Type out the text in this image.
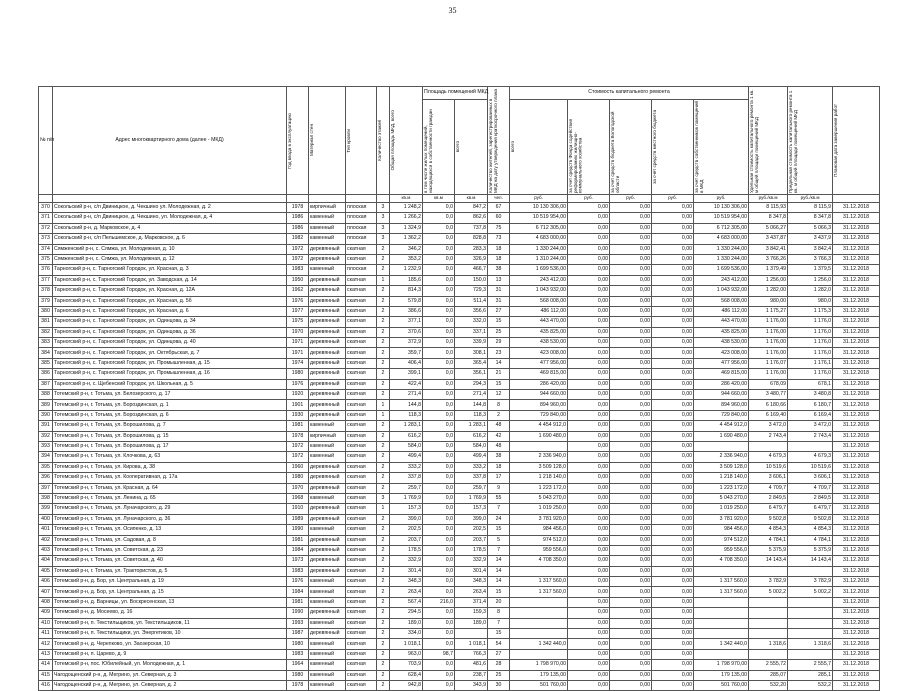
35
№ п/п	Адрес многоквартирного дома (далее - МКД)	Год ввода в эксплуатацию	Материал стен	Тип кровли	Количество этажей	Общая площадь МКД, всего	Площадь помещений МКД		Количество жителей, зарегистрированных в МКД на дату утверждения краткосрочного плана	Стоимость капитального ремонта					Удельная стоимость капитального ремонта 1 кв. м общей площади помещений МКД	Предельная стоимость капитального ремонта 1 кв. м общей площади помещений МКД	Плановая дата завершения работ

							в том числе жилых помещений, находящихся в собственности граждан	всего		всего	за счет средств Фонда содействия реформированию жилищно-коммунального хозяйства	за счет средств бюджета Вологодской области	за счет средств местного бюджета	за счет средств собственников помещений в МКД			

						кв.м	кв.м	кв.м	чел.	руб.	руб.	руб.	руб.	руб.	руб./кв.м	руб./кв.м	
370	Сокольский р-н, с/п Двиницкое, д. Чекшино ул. Молодежная, д. 2	1978	кирпичный	плоская	3	1 248,2	0,0	847,2	67	10 130 306,00	0,00	0,00	0,00	10 130 306,00	8 115,93	8 115,9	31.12.2018
371	Сокольский р-н, с/п Двиницкое, д. Чекшино, ул. Молодежная, д. 4	1986	каменный	плоская	3	1 266,2	0,0	862,6	60	10 519 954,00	0,00	0,00	0,00	10 519 954,00	8 347,8	8 347,8	31.12.2018
372	Сокольский р-н, д. Марковское, д. 4	1986	каменный	плоская	3	1 324,9	0,0	737,8	75	6 712 305,00	0,00	0,00	0,00	6 712 305,00	5 066,27	5 066,3	31.12.2018
373	Сокольский р-н, с/п Пельшемское, д. Марковское, д. 6	1982	каменный	плоская	3	1 362,2	0,0	828,8	73	4 683 000,00	0,00	0,00	0,00	4 683 000,00	3 437,87	3 437,9	31.12.2018
374	Сямженский р-н, с. Сямжа, ул. Молодежная, д. 10	1972	деревянный	скатная	2	346,2	0,0	283,3	18	1 330 244,00	0,00	0,00	0,00	1 330 244,00	3 842,41	3 842,4	31.12.2018
375	Сямженский р-н, с. Сямжа, ул. Молодежная, д. 12	1972	деревянный	скатная	2	353,2	0,0	326,9	18	1 310 244,00	0,00	0,00	0,00	1 330 244,00	3 766,26	3 766,3	31.12.2018
376	Тарногский р-н, с. Тарногский Городок, ул. Красная, д. 3	1983	каменный	плоская	2	1 232,9	0,0	466,7	38	1 699 536,00	0,00	0,00	0,00	1 699 536,00	1 379,49	1 379,5	31.12.2018
377	Тарногский р-н, с. Тарногский Городок, ул. Заводская, д. 14	1950	деревянный	скатная	1	185,6	0,0	150,0	13	243 412,00	0,00	0,00	0,00	243 412,00	1 256,00	1 256,0	31.12.2018
378	Тарногский р-н, с. Тарногский Городок, ул. Красная, д. 12А	1962	деревянный	скатная	2	814,3	0,0	729,3	31	1 043 932,00	0,00	0,00	0,00	1 043 932,00	1 282,00	1 282,0	31.12.2018
379	Тарногский р-н, с. Тарногский Городок, ул. Красная, д. 5б	1976	деревянный	скатная	2	579,8	0,0	511,4	31	568 008,00	0,00	0,00	0,00	568 008,00	980,00	980,0	31.12.2018
380	Тарногский р-н, с. Тарногский Городок, ул. Красная, д. 6	1977	деревянный	скатная	2	386,6	0,0	356,6	27	486 112,00	0,00	0,00	0,00	486 112,00	1 175,27	1 175,3	31.12.2018
381	Тарногский р-н, с. Тарногский Городок, ул. Одинцова, д. 34	1975	деревянный	скатная	2	377,1	0,0	332,0	15	443 470,00	0,00	0,00	0,00	443 470,00	1 176,00	1 176,0	31.12.2018
382	Тарногский р-н, с. Тарногский Городок, ул. Одинцова, д. 36	1970	деревянный	скатная	2	370,6	0,0	337,1	25	435 825,00	0,00	0,00	0,00	435 825,00	1 176,00	1 176,0	31.12.2018
383	Тарногский р-н, с. Тарногский Городок, ул. Одинцова, д. 40	1971	деревянный	скатная	2	372,9	0,0	339,9	29	438 530,00	0,00	0,00	0,00	438 530,00	1 176,00	1 176,0	31.12.2018
384	Тарногский р-н, с. Тарногский Городок, ул. Октябрьская, д. 7	1971	деревянный	скатная	2	359,7	0,0	308,1	23	423 008,00	0,00	0,00	0,00	423 008,00	1 176,00	1 176,0	31.12.2018
385	Тарногский р-н, с. Тарногский Городок, ул. Промышленная, д. 15	1974	деревянный	скатная	2	406,4	0,0	365,4	14	477 956,00	0,00	0,00	0,00	477 956,00	1 176,07	1 176,1	31.12.2018
386	Тарногский р-н, с. Тарногский Городок, ул. Промышленная, д. 16	1980	деревянный	скатная	2	399,1	0,0	356,1	21	469 815,00	0,00	0,00	0,00	469 815,00	1 176,00	1 176,0	31.12.2018
387	Тарногский р-н, с. Щебенский Городок, ул. Школьная, д. 5	1976	деревянный	скатная	2	422,4	0,0	294,3	15	286 420,00	0,00	0,00	0,00	286 420,00	678,09	678,1	31.12.2018
388	Тотемский р-н, г. Тотьма, ул. Белозерского, д. 17	1920	деревянный	скатная	2	271,4	0,0	271,4	12	944 660,00	0,00	0,00	0,00	944 660,00	3 480,77	3 480,8	31.12.2018
389	Тотемский р-н, г. Тотьма, ул. Бороздинская, д. 1	1901	деревянный	скатная	1	144,8	0,0	144,8	8	894 960,00	0,00	0,00	0,00	894 960,00	6 180,66	6 180,7	31.12.2018
390	Тотемский р-н, г. Тотьма, ул. Бороздинская, д. 6	1930	деревянный	скатная	1	118,3	0,0	118,3	2	729 840,00	0,00	0,00	0,00	729 840,00	6 169,40	6 169,4	31.12.2018
391	Тотемский р-н, г. Тотьма, ул. Ворошилова, д. 7	1981	каменный	скатная	2	1 283,1	0,0	1 283,1	48	4 454 912,0	0,00	0,00	0,00	4 454 912,0	3 472,0	3 472,0	31.12.2018
392	Тотемский р-н, г. Тотьма, ул. Ворошилова, д. 15	1978	кирпичный	скатная	2	616,2	0,0	616,2	42	1 690 480,0	0,00	0,00	0,00	1 690 480,0	2 743,4	2 743,4	31.12.2018
393	Тотемский р-н, г. Тотьма, ул. Ворошилова, д. 17	1972	каменный	скатная	2	584,0	0,0	584,0	48		0,00	0,00	0,00				31.12.2018
394	Тотемский р-н, г. Тотьма, ул. Клочкова, д. 63	1972	каменный	скатная	2	499,4	0,0	499,4	38	2 336 940,0	0,00	0,00	0,00	2 336 940,0	4 679,3	4 679,3	31.12.2018
395	Тотемский р-н, г. Тотьма, ул. Кирова, д. 38	1960	деревянный	скатная	2	333,2	0,0	333,2	18	3 509 128,0	0,00	0,00	0,00	3 509 128,0	10 519,6	10 519,6	31.12.2018
396	Тотемский р-н, г. Тотьма, ул. Кооперативная, д. 17а	1980	деревянный	скатная	2	337,8	0,0	337,8	17	1 218 140,0	0,00	0,00	0,00	1 218 140,0	3 606,1	3 606,1	31.12.2018
397	Тотемский р-н, г. Тотьма, ул. Красная, д. 64	1970	деревянный	скатная	2	259,7	0,0	259,7	9	1 223 172,0	0,00	0,00	0,00	1 223 172,0	4 709,7	4 709,7	31.12.2018
398	Тотемский р-н, г. Тотьма, ул. Ленина, д. 65	1968	каменный	скатная	3	1 769,9	0,0	1 769,9	55	5 043 270,0	0,00	0,00	0,00	5 043 270,0	2 849,5	2 849,5	31.12.2018
399	Тотемский р-н, г. Тотьма, ул. Луначарского, д. 29	1910	деревянный	скатная	1	157,3	0,0	157,3	7	1 019 250,0	0,00	0,00	0,00	1 019 250,0	6 479,7	6 479,7	31.12.2018
400	Тотемский р-н, г. Тотьма, ул. Луначарского, д. 36	1989	деревянный	скатная	2	399,0	0,0	399,0	24	3 781 920,0	0,00	0,00	0,00	3 781 920,0	9 502,8	9 502,8	31.12.2018
401	Тотемский р-н, г. Тотьма, ул. Осипенко, д. 13	1990	каменный	скатная	2	202,5	0,0	202,5	15	984 456,0	0,00	0,00	0,00	984 456,0	4 854,3	4 854,3	31.12.2018
402	Тотемский р-н, г. Тотьма, ул. Садовая, д. 8	1981	деревянный	скатная	2	203,7	0,0	203,7	5	974 512,0	0,00	0,00	0,00	974 512,0	4 784,1	4 784,1	31.12.2018
403	Тотемский р-н, г. Тотьма, ул. Советская, д. 23	1984	деревянный	скатная	2	178,5	0,0	178,5	7	959 556,0	0,00	0,00	0,00	959 556,0	5 375,9	5 375,9	31.12.2018
404	Тотемский р-н, г. Тотьма, ул. Советская, д. 40	1973	деревянный	скатная	2	332,9	0,0	332,9	14	4 708 350,0	0,00	0,00	0,00	4 708 350,0	14 143,4	14 143,4	31.12.2018
405	Тотемский р-н, г. Тотьма, ул. Трактористов, д. 5	1983	деревянный	скатная	2	301,4	0,0	301,4	14		0,00	0,00	0,00				31.12.2018
406	Тотемский р-н, д. Бор, ул. Центральная, д. 19	1976	каменный	скатная	2	348,3	0,0	348,3	14	1 317 560,0	0,00	0,00	0,00	1 317 560,0	3 782,9	3 782,9	31.12.2018
407	Тотемский р-н, д. Бор, ул. Центральная, д. 15	1984	каменный	скатная	2	263,4	0,0	263,4	15	1 317 560,0	0,00	0,00	0,00	1 317 560,0	5 002,2	5 002,2	31.12.2018
408	Тотемский р-н, д. Варницы, ул. Воскресенская, 13	1981	каменный	скатная	2	567,4	216,0	371,4	20		0,00	0,00	0,00				31.12.2018
409	Тотемский р-н, д. Мосеево, д. 16	1990	деревянный	скатная	2	294,5	0,0	159,3	8		0,00	0,00	0,00				31.12.2018
410	Тотемский р-н, п. Текстильщиков, ул. Текстильщиков, 11	1993	каменный	скатная	2	189,0	0,0	189,0	7		0,00	0,00	0,00				31.12.2018
411	Тотемский р-н, п. Текстильщики, ул. Энергетиков, 10	1987	деревянный	скатная	2	334,0	0,0		15		0,00	0,00	0,00				31.12.2018
412	Тотемский р-н, д. Черепково, ул. Заозерская, 10	1980	каменный	скатная	2	1 018,1	0,0	1 018,1	54	1 342 440,0	0,00	0,00	0,00	1 342 440,0	1 318,6	1 318,6	31.12.2018
413	Тотемский р-н, п. Царево, д. 9	1983	каменный	скатная	2	963,0	98,7	766,3	27		0,00	0,00	0,00				31.12.2018
414	Тотемский р-н, пос. Юбилейный, ул. Молодежная, д. 1	1964	каменный	скатная	2	703,9	0,0	481,6	28	1 798 970,00	0,00	0,00	0,00	1 798 970,00	2 555,72	2 555,7	31.12.2018
415	Чагодощенский р-н, д. Мегрино, ул. Северная, д. 3	1980	каменный	скатная	2	628,4	0,0	238,7	25	179 135,00	0,00	0,00	0,00	179 135,00	285,07	285,1	31.12.2018
416	Чагодощенский р-н, д. Мегрино, ул. Северная, д. 2	1978	каменный	скатная	2	942,8	0,0	343,9	30	501 760,00	0,00	0,00	0,00	501 760,00	532,20	532,2	31.12.2018
